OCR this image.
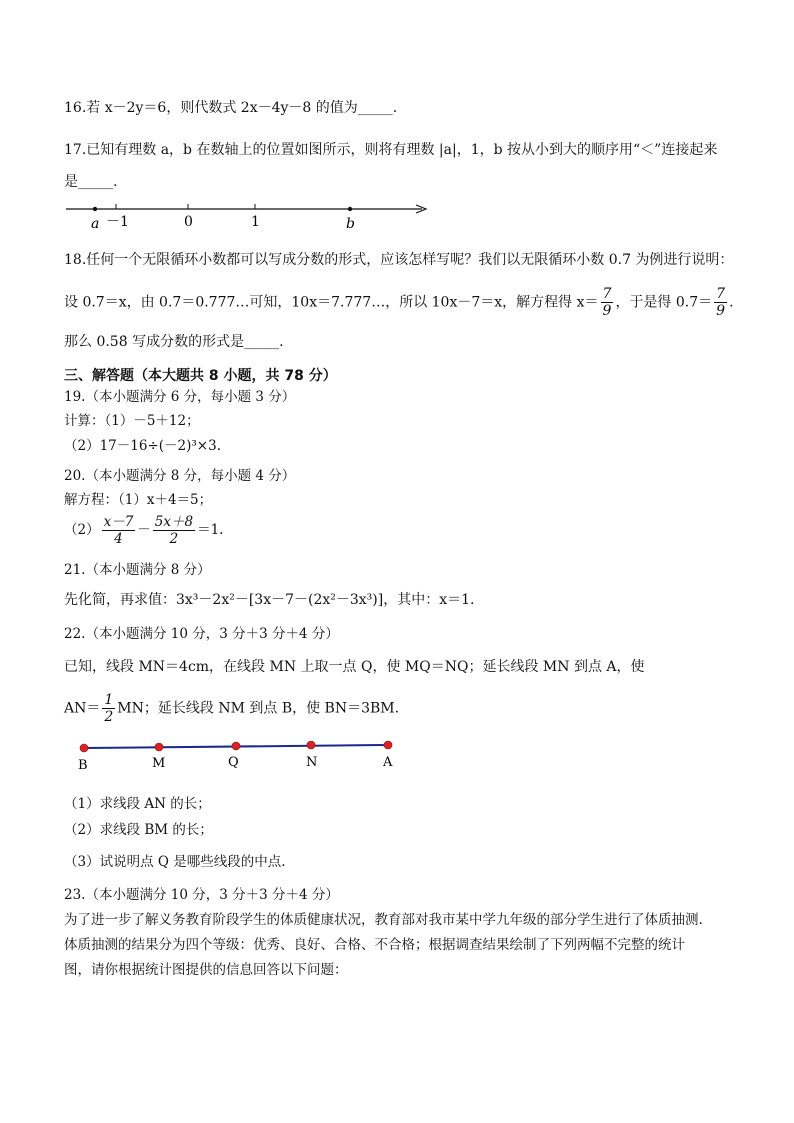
16.若 x－2y＝6，则代数式 2x－4y－8 的值为_____.
17.已知有理数 a，b 在数轴上的位置如图所示，则将有理数 |a|，1，b 按从小到大的顺序用“＜”连接起来
是_____.
a －1	0	1	b
18.任何一个无限循环小数都可以写成分数的形式，应该怎样写呢？我们以无限循环小数 0.7̇ 为例进行说明：
设 0.7̇＝x，由 0.7̇＝0.777…可知，10x＝7.777…，所以 10x－7＝x，解方程得 $x= \frac{7}{9}$ ，于是得 0.7̇＝ $\frac{7}{9}$ .
那么 0.5̇8̇ 写成分数的形式是_____.
三、解答题（本大题共 8 小题，共 78 分）
19.（本小题满分 6 分，每小题 3 分）
计算：（1）－5＋12；
（2）17－16÷(－2)³×3.
20.（本小题满分 8 分，每小题 4 分）
解方程：（1）x＋4＝5；
$(2) \frac{x-7}{4} - \frac{5x+8}{2} =1$.
21.（本小题满分 8 分）
先化简，再求值：3x³－2x²－[3x－7－(2x²－3x³)]，其中：x＝1.
22.（本小题满分 10 分，3 分＋3 分＋4 分）
已知，线段 MN＝4cm，在线段 MN 上取一点 Q，使 MQ＝NQ；延长线段 MN 到点 A，使
$AN= \frac{1}{2}$ MN；延长线段 NM 到点 B，使 BN＝3BM.
B	M	Q	N	A
（1）求线段 AN 的长；
（2）求线段 BM 的长；
（3）试说明点 Q 是哪些线段的中点.
23.（本小题满分 10 分，3 分＋3 分＋4 分）
为了进一步了解义务教育阶段学生的体质健康状况，教育部对我市某中学九年级的部分学生进行了体质抽测.
体质抽测的结果分为四个等级：优秀、良好、合格、不合格；根据调查结果绘制了下列两幅不完整的统计
图，请你根据统计图提供的信息回答以下问题：
